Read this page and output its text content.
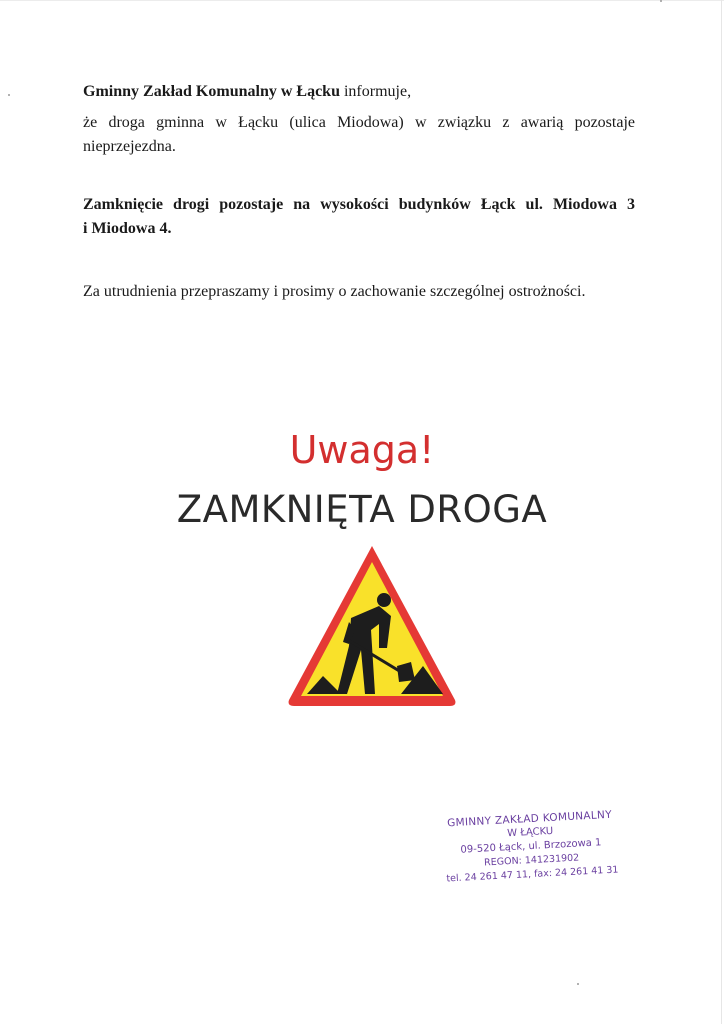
Gminny Zakład Komunalny w Łącku informuje,
że droga gminna w Łącku (ulica Miodowa) w związku z awarią pozostaje
nieprzejezdna.
Zamknięcie drogi pozostaje na wysokości budynków Łąck ul. Miodowa 3
i Miodowa 4.
Za utrudnienia przepraszamy i prosimy o zachowanie szczególnej ostrożności.
Uwaga!
ZAMKNIĘTA DROGA
GMINNY ZAKŁAD KOMUNALNY
W ŁĄCKU
09-520 Łąck, ul. Brzozowa 1
REGON: 141231902
tel. 24 261 47 11, fax: 24 261 41 31
